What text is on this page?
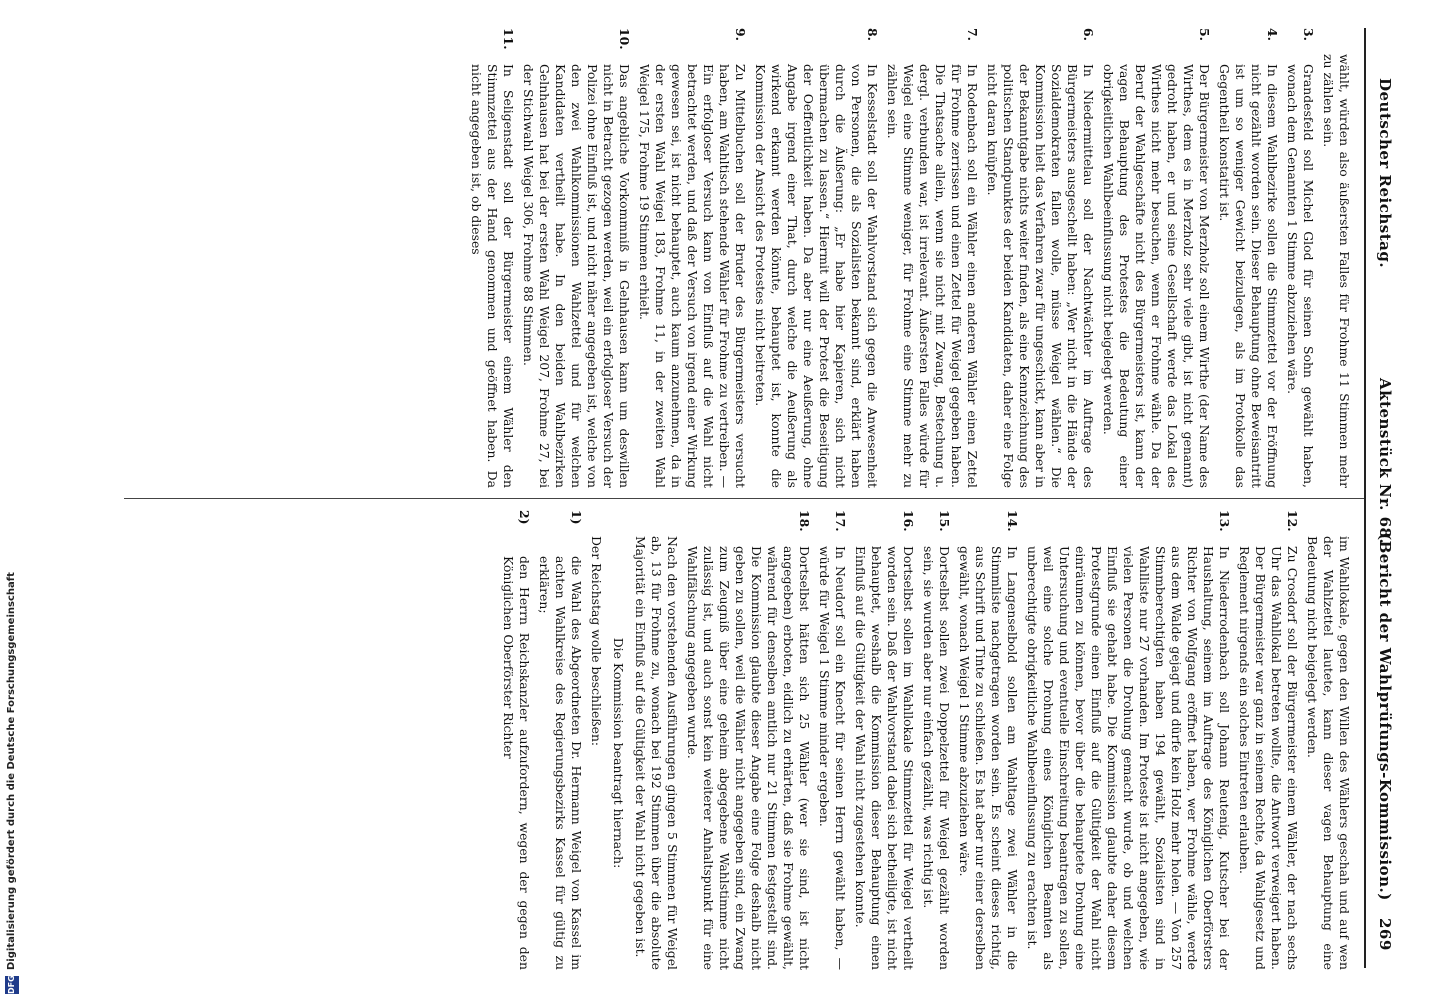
Deutscher Reichstag.
Aktenstück Nr. 68.
(Bericht der Wahlprüfungs-Kommission.)
269
wählt, würden also äußersten Falles für Frohme 11 Stimmen mehr zu zählen sein.
3.
Grandesfeld soll Michel Glod für seinen Sohn gewählt haben, wonach dem Genannten 1 Stimme abzuziehen wäre.
4.
In diesem Wahlbezirke sollen die Stimmzettel vor der Eröffnung nicht gezählt worden sein. Dieser Behauptung ohne Beweisantritt ist um so weniger Gewicht beizulegen, als im Protokolle das Gegentheil konstatirt ist.
5.
Der Bürgermeister von Merzholz soll einem Wirthe (der Name des Wirthes, dem es in Merzholz sehr viele gibt, ist nicht genannt) gedroht haben, er und seine Gesellschaft werde das Lokal des Wirthes nicht mehr besuchen, wenn er Frohme wähle. Da der Beruf der Wahlgeschäfte nicht des Bürgermeisters ist, kann der vagen Behauptung des Protestes die Bedeutung einer obrigkeitlichen Wahlbeeinflussung nicht beigelegt werden.
6.
In Niedermittelau soll der Nachtwächter im Auftrage des Bürgermeisters ausgeschellt haben: „Wer nicht in die Hände der Sozialdemokraten fallen wolle, müsse Weigel wählen.“ Die Kommission hielt das Verfahren zwar für ungeschickt, kann aber in der Bekanntgabe nichts weiter finden, als eine Kennzeichnung des politischen Standpunktes der beiden Kandidaten, daher eine Folge nicht daran knüpfen.
7.
In Rodenbach soll ein Wähler einen anderen Wähler einen Zettel für Frohme zerrissen und einen Zettel für Weigel gegeben haben. Die Thatsache allein, wenn sie nicht mit Zwang, Bestechung u. dergl. verbunden war, ist irrelevant. Äußersten Falles würde für Weigel eine Stimme weniger, für Frohme eine Stimme mehr zu zählen sein.
8.
In Kesselstadt soll der Wahlvorstand sich gegen die Anwesenheit von Personen, die als Sozialisten bekannt sind, erklärt haben durch die Äußerung: „Er habe hier Kapieren, sich nicht übermachen zu lassen.“ Hiermit will der Protest die Beseitigung der Oeffentlichkeit haben. Da aber nur eine Aeußerung, ohne Angabe irgend einer That, durch welche die Aeußerung als wirkend erkannt werden könnte, behauptet ist, konnte die Kommission der Ansicht des Protestes nicht beitreten.
9.
Zu Mittelbuchen soll der Bruder des Bürgermeisters versucht haben, am Wahltisch stehende Wähler für Frohme zu vertreiben. — Ein erfolgloser Versuch kann von Einfluß auf die Wahl nicht betrachtet werden, und daß der Versuch von irgend einer Wirkung gewesen sei, ist nicht behauptet, auch kaum anzunehmen, da in der ersten Wahl Weigel 183, Frohme 11, in der zweiten Wahl Weigel 175, Frohme 19 Stimmen erhielt.
10.
Das angebliche Vorkommniß in Gelnhausen kann um deswillen nicht in Betracht gezogen werden, weil ein erfolgloser Versuch der Polizei ohne Einfluß ist, und nicht näher angegeben ist, welche von den zwei Wahlkommissionen Wahlzettel und für welchen Kandidaten vertheilt habe. In den beiden Wahlbezirken Gelnhausen hat bei der ersten Wahl Weigel 207, Frohme 27, bei der Stichwahl Weigel 306, Frohme 88 Stimmen.
11.
In Seligenstadt soll der Bürgermeister einem Wähler den Stimmzettel aus der Hand genommen und geöffnet haben. Da nicht angegeben ist, ob dieses
im Wahllokale, gegen den Willen des Wählers geschah und auf wen der Wahlzettel lautete, kann dieser vagen Behauptung eine Bedeutung nicht beigelegt werden.
12.
Zu Crosdorf soll der Bürgermeister einem Wähler, der nach sechs Uhr das Wahllokal betreten wollte, die Antwort verweigert haben. Der Bürgermeister war ganz in seinem Rechte, da Wahlgesetz und Reglement nirgends ein solches Eintreten erlauben.
13.
In Niederrodenbach soll Johann Reutenig, Kutscher bei der Haushaltung, seinem im Auftrage des Königlichen Oberförsters Richter von Wolfgang eröffnet haben, wer Frohme wähle, werde aus dem Walde gejagt und dürfe kein Holz mehr holen. — Von 257 Stimmberechtigten haben 194 gewählt, Sozialisten sind in Wahlliste nur 27 vorhanden. Im Proteste ist nicht angegeben, wie vielen Personen die Drohung gemacht wurde, ob und welchen Einfluß sie gehabt habe. Die Kommission glaubte daher diesem Protestgrunde einen Einfluß auf die Gültigkeit der Wahl nicht einräumen zu können, bevor über die behauptete Drohung eine Untersuchung und eventuelle Einschreitung beantragen zu sollen, weil eine solche Drohung eines Königlichen Beamten als unberechtigte obrigkeitliche Wahlbeeinflussung zu erachten ist.
14.
In Langenselbold sollen am Wahltage zwei Wähler in die Stimmliste nachgetragen worden sein. Es scheint dieses richtig, aus Schrift und Tinte zu schließen. Es hat aber nur einer derselben gewählt, wonach Weigel 1 Stimme abzuziehen wäre.
15.
Dortselbst sollen zwei Doppelzettel für Weigel gezählt worden sein, sie wurden aber nur einfach gezählt, was richtig ist.
16.
Dortselbst sollen im Wahllokale Stimmzettel für Weigel vertheilt worden sein. Daß der Wahlvorstand dabei sich betheiligte, ist nicht behauptet, weshalb die Kommission dieser Behauptung einen Einfluß auf die Gültigkeit der Wahl nicht zugestehen konnte.
17.
In Neudorf soll ein Knecht für seinen Herrn gewählt haben, — würde für Weigel 1 Stimme minder ergeben.
18.
Dortselbst hätten sich 25 Wähler (wer sie sind, ist nicht angegeben) erboten, eidlich zu erhärten, daß sie Frohme gewählt, während für denselben amtlich nur 21 Stimmen festgestellt sind. Die Kommission glaubte dieser Angabe eine Folge deshalb nicht geben zu sollen, weil die Wähler nicht angegeben sind, ein Zwang zum Zeugniß über eine geheim abgegebene Wahlstimme nicht zulässig ist, und auch sonst kein weiterer Anhaltspunkt für eine Wahlfälschung angegeben wurde.
Nach den vorstehenden Ausführungen gingen 5 Stimmen für Weigel ab, 13 für Frohme zu, wonach bei 192 Stimmen über die absolute Majorität ein Einfluß auf die Gültigkeit der Wahl nicht gegeben ist.
Die Kommission beantragt hiernach:
Der Reichstag wolle beschließen:
1)
die Wahl des Abgeordneten Dr. Hermann Weigel von Kassel im achten Wahlkreise des Regierungsbezirks Kassel für gültig zu erklären;
2)
den Herrn Reichskanzler aufzufordern, wegen der gegen den Königlichen Oberförster Richter
DFG
Digitalisierung gefördert durch die Deutsche Forschungsgemeinschaft
